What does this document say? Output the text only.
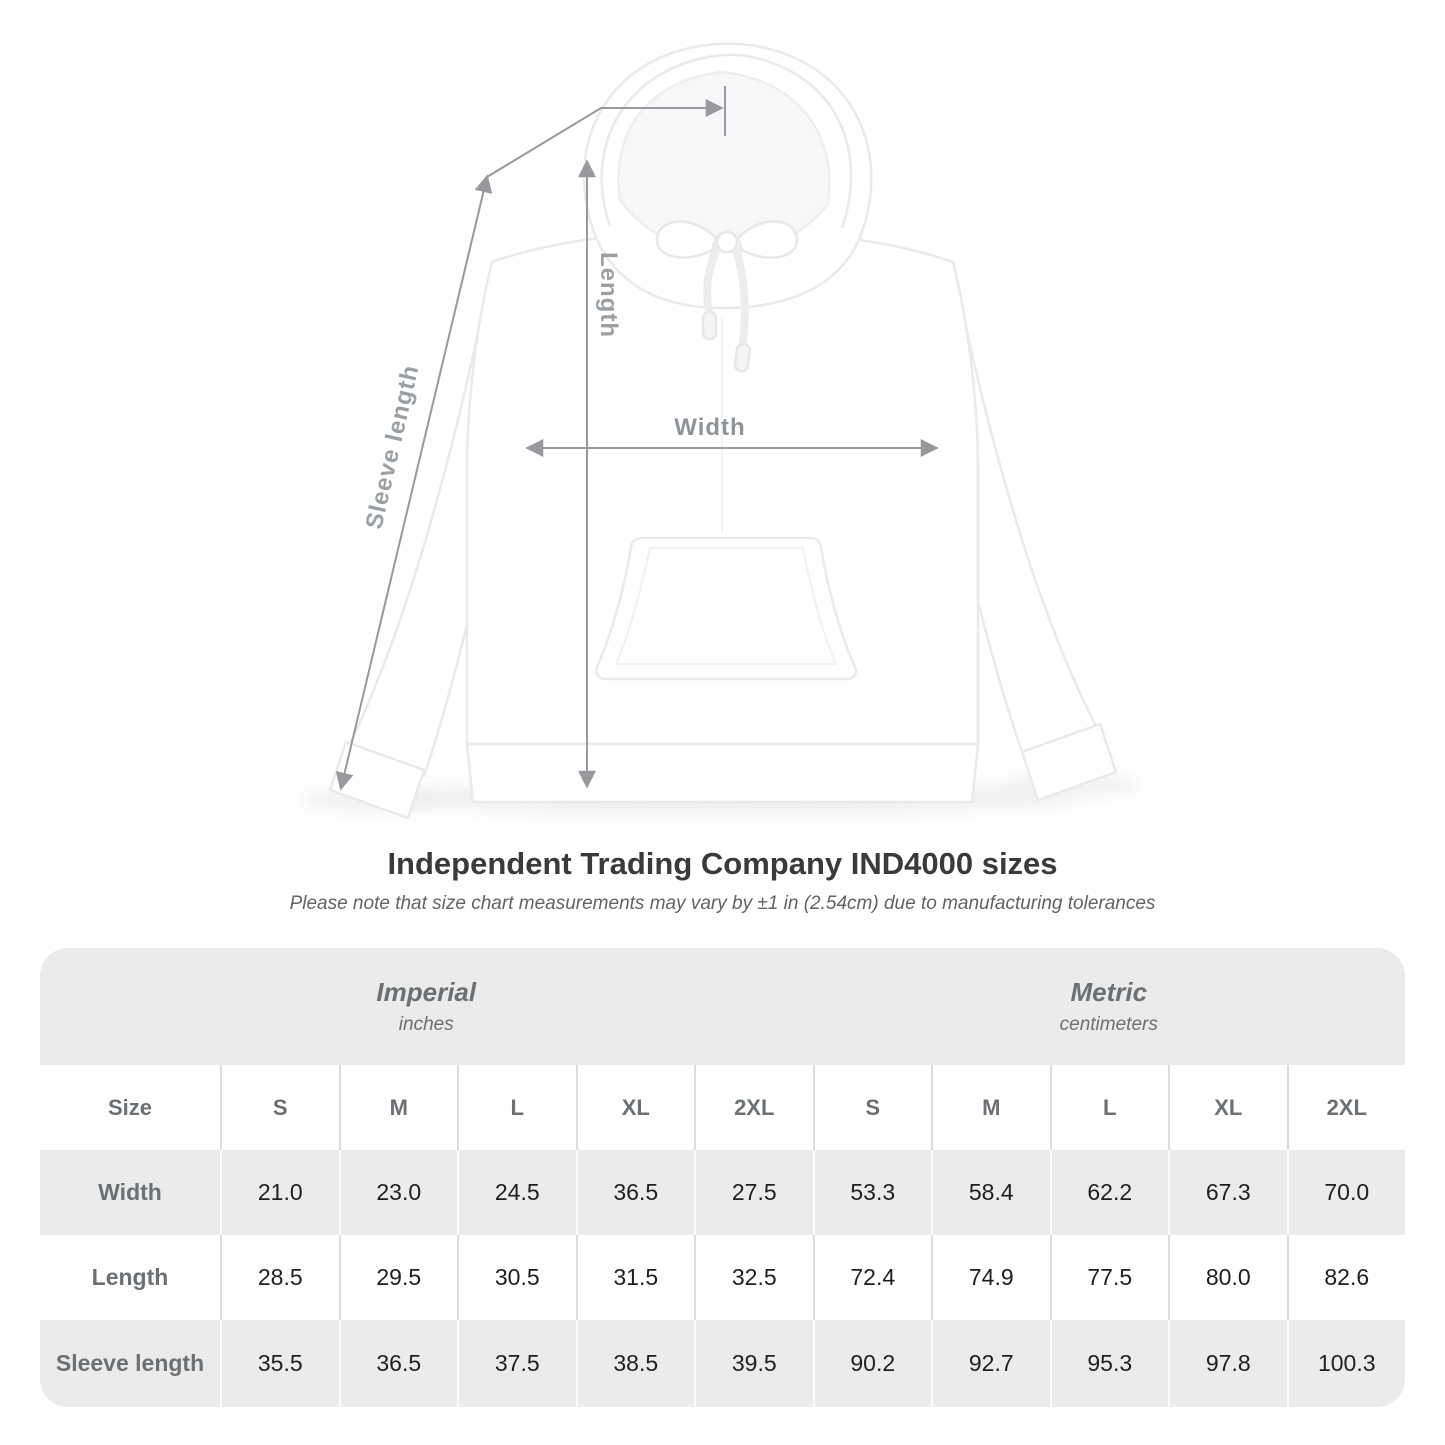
Length
Width
Sleeve length
Independent Trading Company IND4000 sizes
Please note that size chart measurements may vary by ±1 in (2.54cm) due to manufacturing tolerances
Imperial
inches
Metric
centimeters
Size	S	M	L	XL	2XL	S	M	L	XL	2XL
Width	21.0	23.0	24.5	36.5	27.5	53.3	58.4	62.2	67.3	70.0
Length	28.5	29.5	30.5	31.5	32.5	72.4	74.9	77.5	80.0	82.6
Sleeve length	35.5	36.5	37.5	38.5	39.5	90.2	92.7	95.3	97.8	100.3
